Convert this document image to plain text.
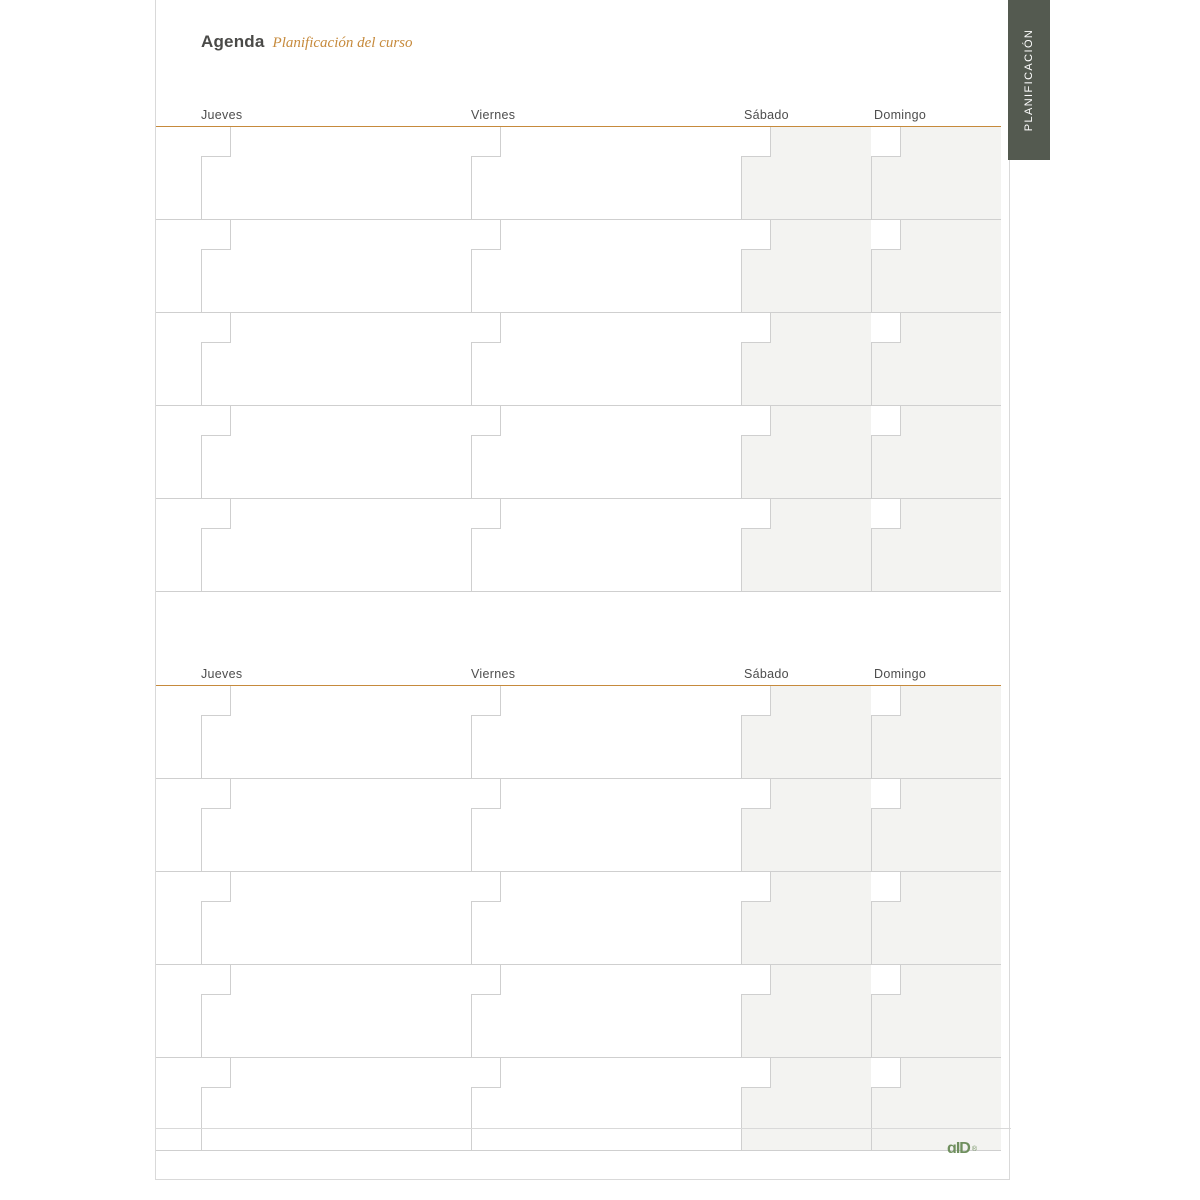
Agenda Planificación del curso
Jueves	Viernes	Sábado	Domingo
Jueves	Viernes	Sábado	Domingo
ɑID ®
PLANIFICACIÓN
